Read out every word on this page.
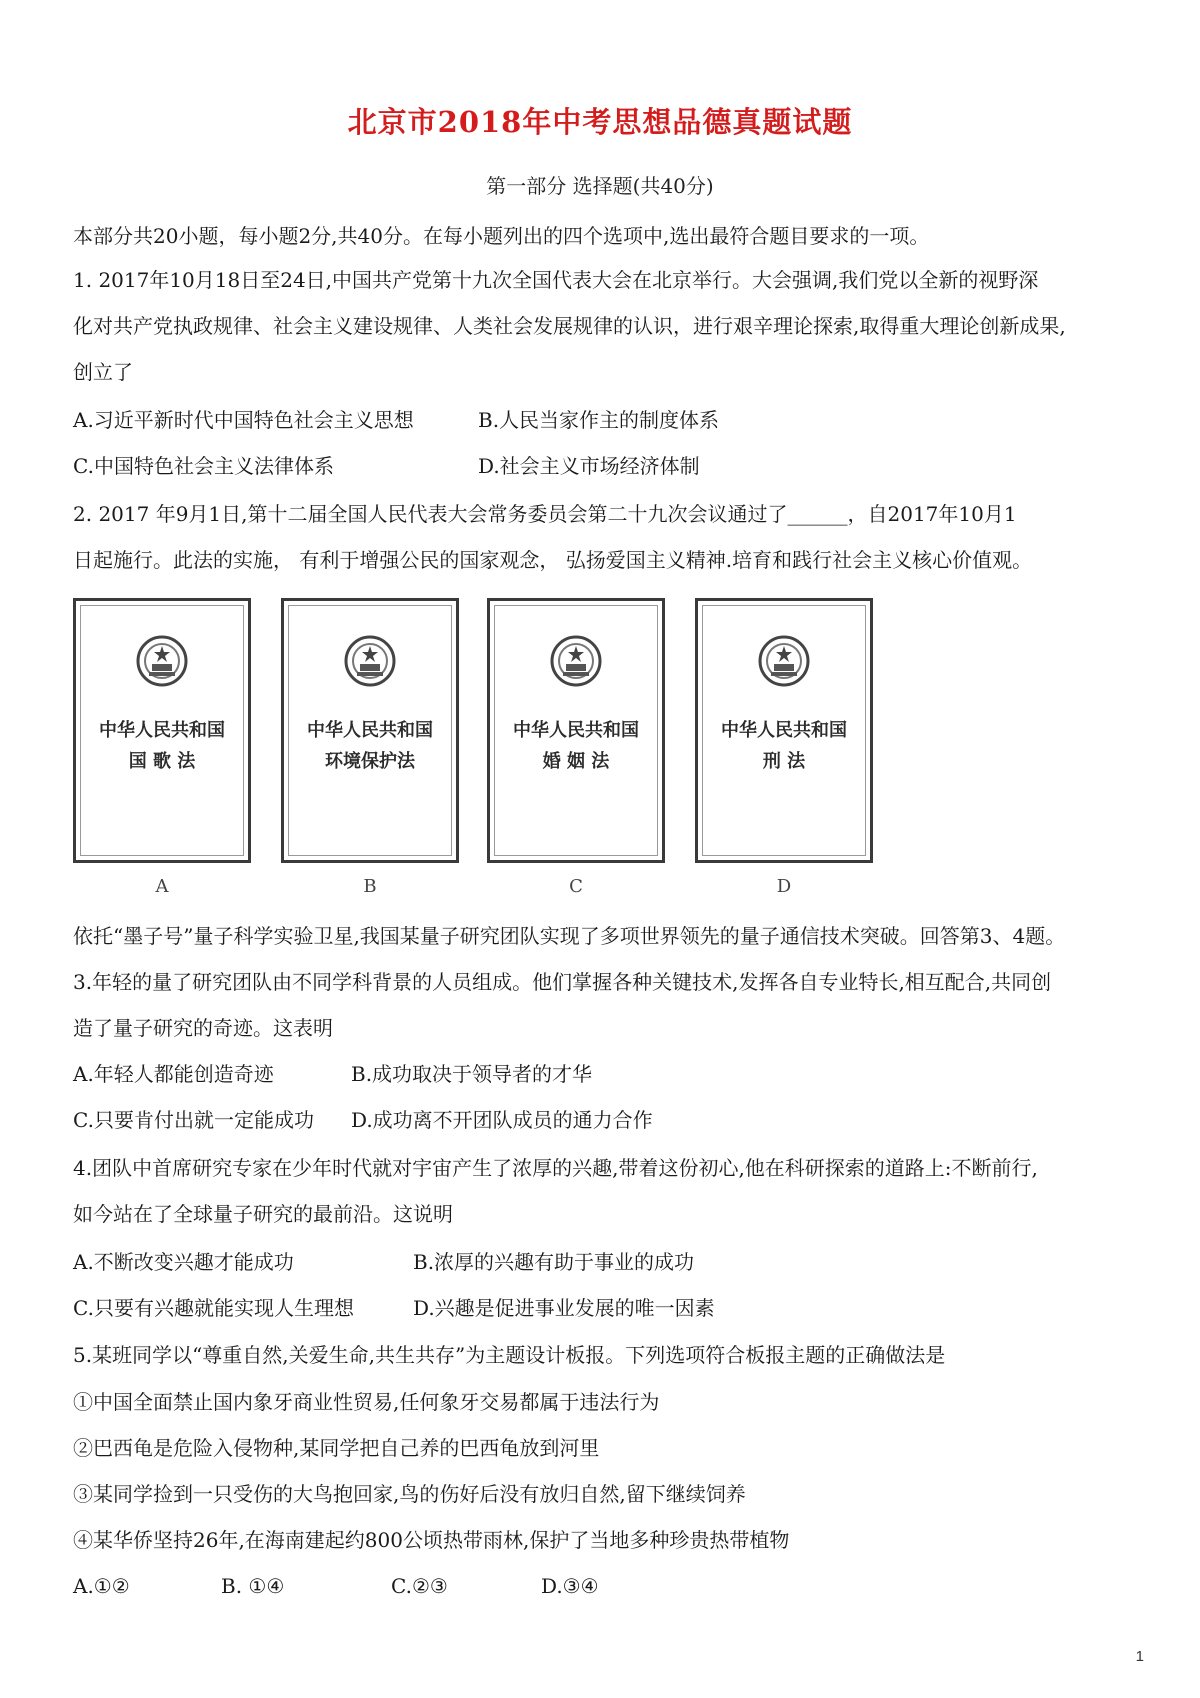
北京市2018年中考思想品德真题试题
第一部分 选择题(共40分)
本部分共20小题，每小题2分,共40分。在每小题列出的四个选项中,选出最符合题目要求的一项。
1. 2017年10月18日至24日,中国共产党第十九次全国代表大会在北京举行。大会强调,我们党以全新的视野深
化对共产党执政规律、社会主义建设规律、人类社会发展规律的认识，进行艰辛理论探索,取得重大理论创新成果,
创立了
A.习近平新时代中国特色社会主义思想	B.人民当家作主的制度体系
C.中国特色社会主义法律体系	D.社会主义市场经济体制
2. 2017 年9月1日,第十二届全国人民代表大会常务委员会第二十九次会议通过了______，自2017年10月1
日起施行。此法的实施， 有利于增强公民的国家观念， 弘扬爱国主义精神.培育和践行社会主义核心价值观。
中华人民共和国
国 歌 法
中华人民共和国
环境保护法
中华人民共和国
婚 姻 法
中华人民共和国
刑 法
A	B	C	D
依托“墨子号”量子科学实验卫星,我国某量子研究团队实现了多项世界领先的量子通信技术突破。回答第3、4题。
3.年轻的量了研究团队由不同学科背景的人员组成。他们掌握各种关键技术,发挥各自专业特长,相互配合,共同创
造了量子研究的奇迹。这表明
A.年轻人都能创造奇迹	B.成功取决于领导者的才华
C.只要肯付出就一定能成功 D.成功离不开团队成员的通力合作
4.团队中首席研究专家在少年时代就对宇宙产生了浓厚的兴趣,带着这份初心,他在科研探索的道路上:不断前行,
如今站在了全球量子研究的最前沿。这说明
A.不断改变兴趣才能成功	B.浓厚的兴趣有助于事业的成功
C.只要有兴趣就能实现人生理想	D.兴趣是促进事业发展的唯一因素
5.某班同学以“尊重自然,关爱生命,共生共存”为主题设计板报。下列选项符合板报主题的正确做法是
①中国全面禁止国内象牙商业性贸易,任何象牙交易都属于违法行为
②巴西龟是危险入侵物种,某同学把自己养的巴西龟放到河里
③某同学捡到一只受伤的大鸟抱回家,鸟的伤好后没有放归自然,留下继续饲养
④某华侨坚持26年,在海南建起约800公顷热带雨林,保护了当地多种珍贵热带植物
A.①②	B. ①④	C.②③	D.③④
1
